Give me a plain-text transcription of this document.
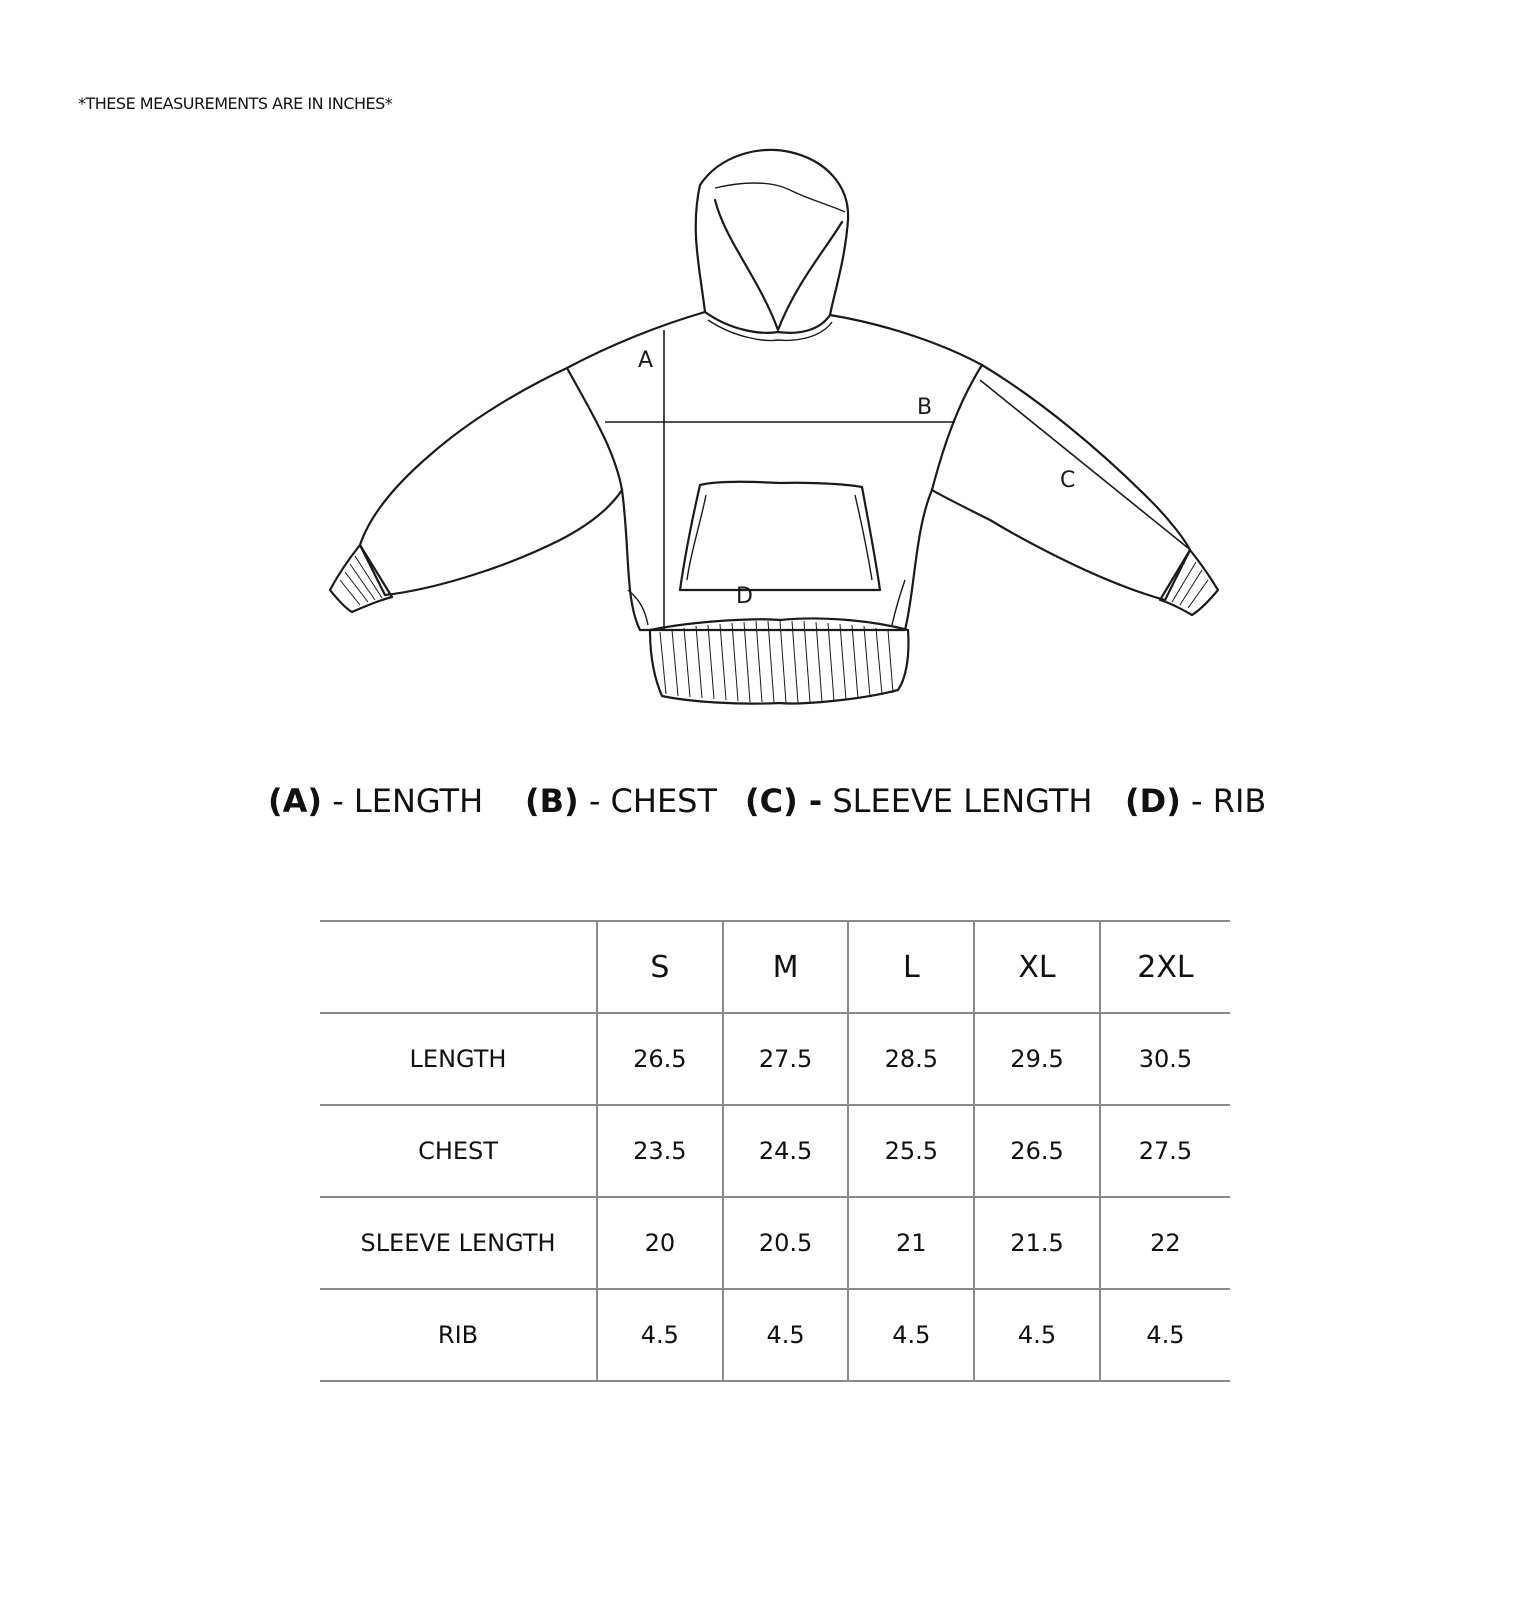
*THESE MEASUREMENTS ARE IN INCHES*
A
B
C
D
(A) - LENGTH (B) - CHEST (C) - SLEEVE LENGTH (D) - RIB
	S	M	L	XL	2XL
LENGTH	26.5	27.5	28.5	29.5	30.5
CHEST	23.5	24.5	25.5	26.5	27.5
SLEEVE LENGTH	20	20.5	21	21.5	22
RIB	4.5	4.5	4.5	4.5	4.5
